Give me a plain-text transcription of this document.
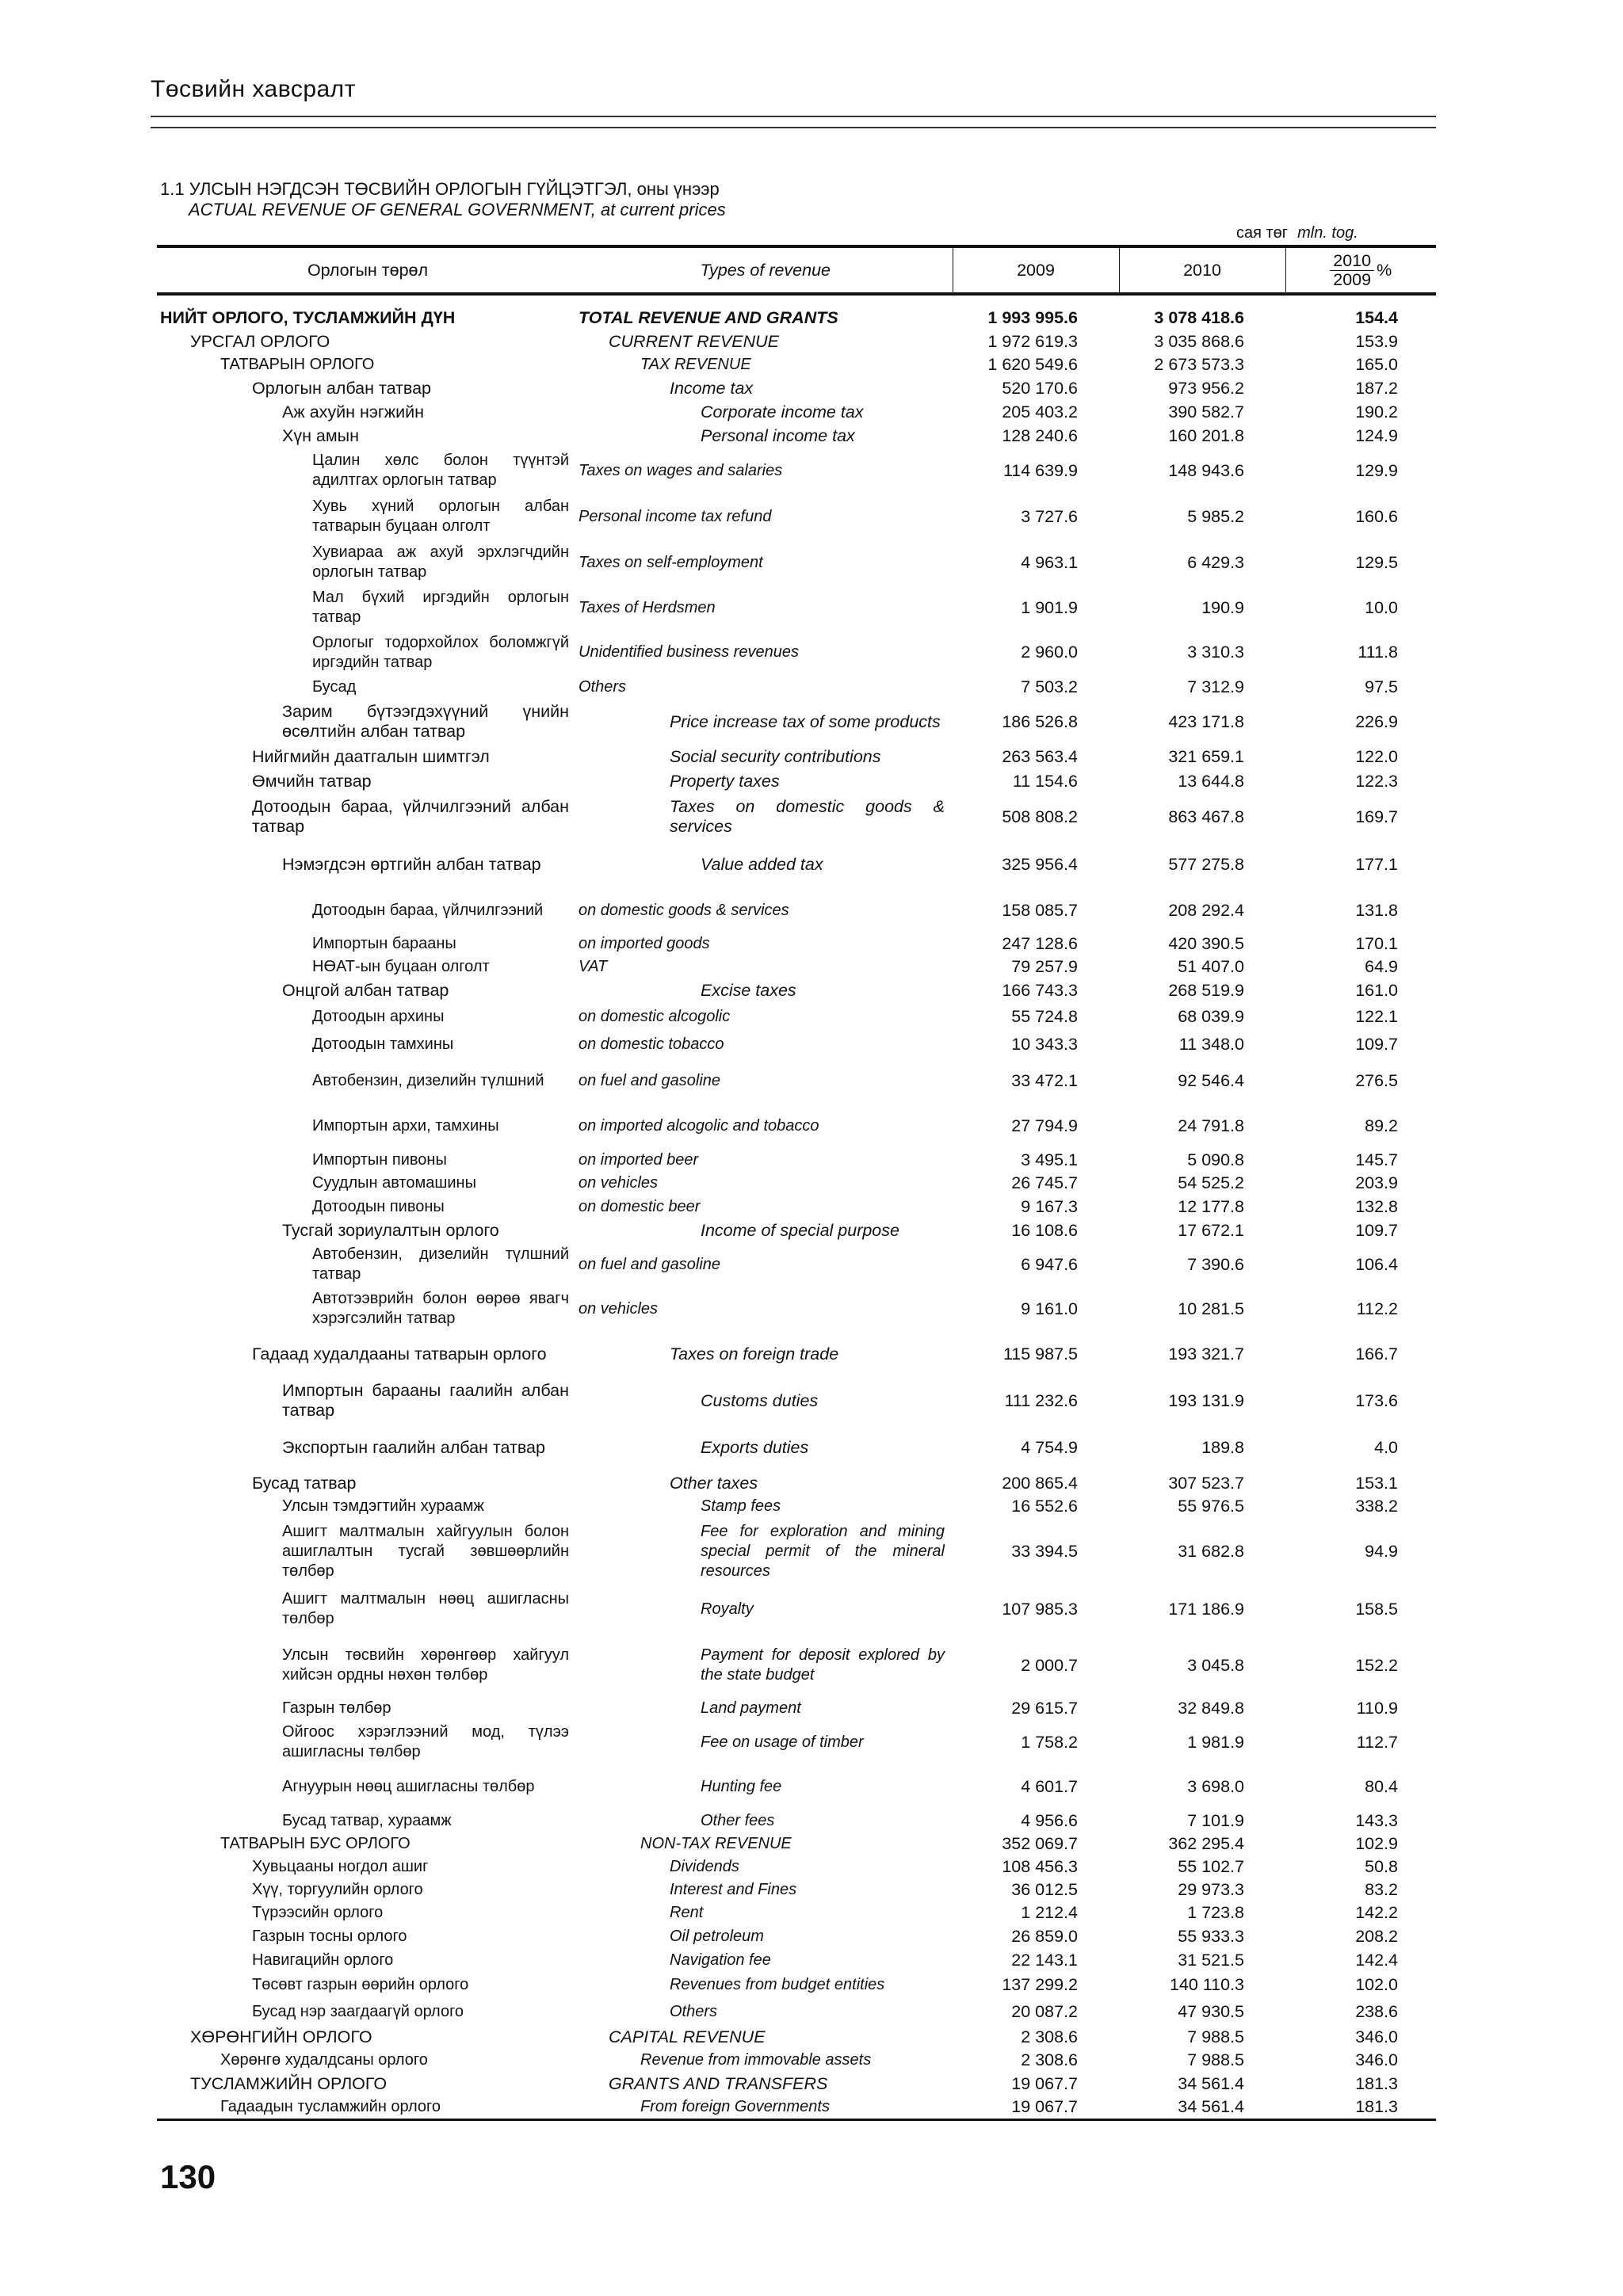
Төсвийн хавсралт
1.1 УЛСЫН НЭГДСЭН ТӨСВИЙН ОРЛОГЫН ГҮЙЦЭТГЭЛ, оны үнээр
ACTUAL REVENUE OF GENERAL GOVERNMENT, at current prices
сая төг mln. tog.
Орлогын төрөл	Types of revenue	2009	2010	$\frac{2010}{2009}$ %
НИЙТ ОРЛОГО, ТУСЛАМЖИЙН ДҮН	TOTAL REVENUE AND GRANTS	1 993 995.6	3 078 418.6	154.4
УРСГАЛ ОРЛОГО	CURRENT REVENUE	1 972 619.3	3 035 868.6	153.9
ТАТВАРЫН ОРЛОГО	TAX REVENUE	1 620 549.6	2 673 573.3	165.0
Орлогын албан татвар	Income tax	520 170.6	973 956.2	187.2
Аж ахуйн нэгжийн	Corporate income tax	205 403.2	390 582.7	190.2
Хүн амын	Personal income tax	128 240.6	160 201.8	124.9
Цалин хөлс болон түүнтэй адилтгах орлогын татвар	Taxes on wages and salaries	114 639.9	148 943.6	129.9
Хувь хүний орлогын албан татварын буцаан олголт	Personal income tax refund	3 727.6	5 985.2	160.6
Хувиараа аж ахуй эрхлэгчдийн орлогын татвар	Taxes on self-employment	4 963.1	6 429.3	129.5
Мал бүхий иргэдийн орлогын татвар	Taxes of Herdsmen	1 901.9	190.9	10.0
Орлогыг тодорхойлох боломжгүй иргэдийн татвар	Unidentified business revenues	2 960.0	3 310.3	111.8
Бусад	Others	7 503.2	7 312.9	97.5
Зарим бүтээгдэхүүний үнийн өсөлтийн албан татвар	Price increase tax of some products	186 526.8	423 171.8	226.9
Нийгмийн даатгалын шимтгэл	Social security contributions	263 563.4	321 659.1	122.0
Өмчийн татвар	Property taxes	11 154.6	13 644.8	122.3
Дотоодын бараа, үйлчилгээний албан татвар	Taxes on domestic goods & services	508 808.2	863 467.8	169.7
Нэмэгдсэн өртгийн албан татвар	Value added tax	325 956.4	577 275.8	177.1
Дотоодын бараа, үйлчилгээний	on domestic goods & services	158 085.7	208 292.4	131.8
Импортын барааны	on imported goods	247 128.6	420 390.5	170.1
НӨАТ-ын буцаан олголт	VAT	79 257.9	51 407.0	64.9
Онцгой албан татвар	Excise taxes	166 743.3	268 519.9	161.0
Дотоодын архины	on domestic alcogolic	55 724.8	68 039.9	122.1
Дотоодын тамхины	on domestic tobacco	10 343.3	11 348.0	109.7
Автобензин, дизелийн түлшний	on fuel and gasoline	33 472.1	92 546.4	276.5
Импортын архи, тамхины	on imported alcogolic and tobacco	27 794.9	24 791.8	89.2
Импортын пивоны	on imported beer	3 495.1	5 090.8	145.7
Суудлын автомашины	on vehicles	26 745.7	54 525.2	203.9
Дотоодын пивоны	on domestic beer	9 167.3	12 177.8	132.8
Тусгай зориулалтын орлого	Income of special purpose	16 108.6	17 672.1	109.7
Автобензин, дизелийн түлшний татвар	on fuel and gasoline	6 947.6	7 390.6	106.4
Автотээврийн болон өөрөө явагч хэрэгсэлийн татвар	on vehicles	9 161.0	10 281.5	112.2
Гадаад худалдааны татварын орлого	Taxes on foreign trade	115 987.5	193 321.7	166.7
Импортын барааны гаалийн албан татвар	Customs duties	111 232.6	193 131.9	173.6
Экспортын гаалийн албан татвар	Exports duties	4 754.9	189.8	4.0
Бусад татвар	Other taxes	200 865.4	307 523.7	153.1
Улсын тэмдэгтийн хураамж	Stamp fees	16 552.6	55 976.5	338.2
Ашигт малтмалын хайгуулын болон ашиглалтын тусгай зөвшөөрлийн төлбөр	Fee for exploration and mining special permit of the mineral resources	33 394.5	31 682.8	94.9
Ашигт малтмалын нөөц ашигласны төлбөр	Royalty	107 985.3	171 186.9	158.5
Улсын төсвийн хөрөнгөөр хайгуул хийсэн ордны нөхөн төлбөр	Payment for deposit explored by the state budget	2 000.7	3 045.8	152.2
Газрын төлбөр	Land payment	29 615.7	32 849.8	110.9
Ойгоос хэрэглээний мод, түлээ ашигласны төлбөр	Fee on usage of timber	1 758.2	1 981.9	112.7
Агнуурын нөөц ашигласны төлбөр	Hunting fee	4 601.7	3 698.0	80.4
Бусад татвар, хураамж	Other fees	4 956.6	7 101.9	143.3
ТАТВАРЫН БУС ОРЛОГО	NON-TAX REVENUE	352 069.7	362 295.4	102.9
Хувьцааны ногдол ашиг	Dividends	108 456.3	55 102.7	50.8
Хүү, торгуулийн орлого	Interest and Fines	36 012.5	29 973.3	83.2
Түрээсийн орлого	Rent	1 212.4	1 723.8	142.2
Газрын тосны орлого	Oil petroleum	26 859.0	55 933.3	208.2
Навигацийн орлого	Navigation fee	22 143.1	31 521.5	142.4
Төсөвт газрын өөрийн орлого	Revenues from budget entities	137 299.2	140 110.3	102.0
Бусад нэр заагдаагүй орлого	Others	20 087.2	47 930.5	238.6
ХӨРӨНГИЙН ОРЛОГО	CAPITAL REVENUE	2 308.6	7 988.5	346.0
Хөрөнгө худалдсаны орлого	Revenue from immovable assets	2 308.6	7 988.5	346.0
ТУСЛАМЖИЙН ОРЛОГО	GRANTS AND TRANSFERS	19 067.7	34 561.4	181.3
Гадаадын тусламжийн орлого	From foreign Governments	19 067.7	34 561.4	181.3
130
